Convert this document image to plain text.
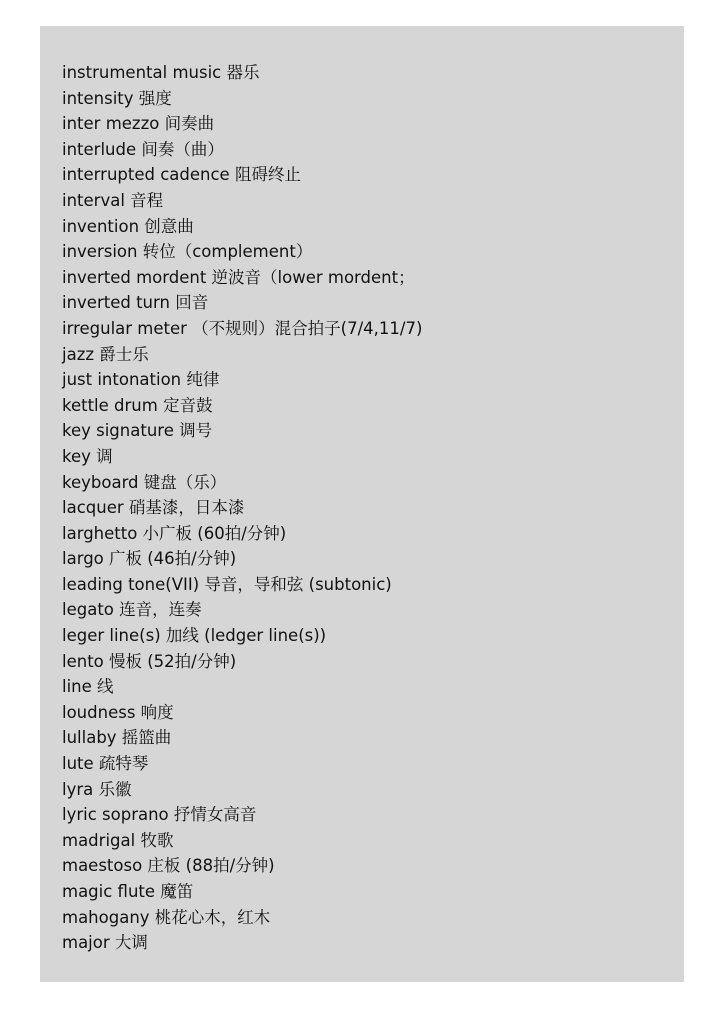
instrumental music 器乐
intensity 强度
inter mezzo 间奏曲
interlude 间奏（曲）
interrupted cadence 阻碍终止
interval 音程
invention 创意曲
inversion 转位（complement）
inverted mordent 逆波音（lower mordent；
inverted turn 回音
irregular meter （不规则）混合拍子(7/4,11/7)
jazz 爵士乐
just intonation 纯律
kettle drum 定音鼓
key signature 调号
key 调
keyboard 键盘（乐）
lacquer 硝基漆，日本漆
larghetto 小广板 (60拍/分钟)
largo 广板 (46拍/分钟)
leading tone(VII) 导音，导和弦 (subtonic)
legato 连音，连奏
leger line(s) 加线 (ledger line(s))
lento 慢板 (52拍/分钟)
line 线
loudness 响度
lullaby 摇篮曲
lute 疏特琴
lyra 乐徽
lyric soprano 抒情女高音
madrigal 牧歌
maestoso 庄板 (88拍/分钟)
magic flute 魔笛
mahogany 桃花心木，红木
major 大调
